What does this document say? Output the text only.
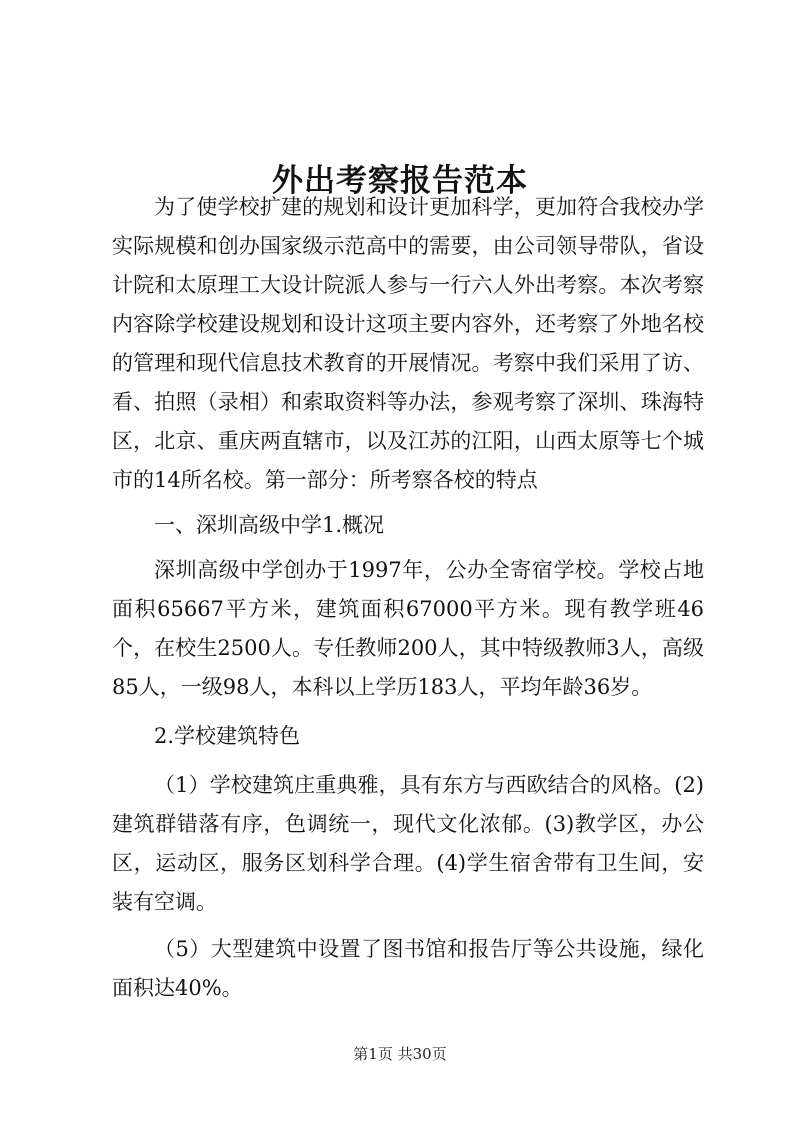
外出考察报告范本

为了使学校扩建的规划和设计更加科学，更加符合我校办学实际规模和创办国家级示范高中的需要，由公司领导带队，省设计院和太原理工大设计院派人参与一行六人外出考察。本次考察内容除学校建设规划和设计这项主要内容外，还考察了外地名校的管理和现代信息技术教育的开展情况。考察中我们采用了访、看、拍照（录相）和索取资料等办法，参观考察了深圳、珠海特区，北京、重庆两直辖市，以及江苏的江阳，山西太原等七个城市的14所名校。第一部分：所考察各校的特点

一、深圳高级中学1.概况

深圳高级中学创办于1997年，公办全寄宿学校。学校占地面积65667平方米，建筑面积67000平方米。现有教学班46个，在校生2500人。专任教师200人，其中特级教师3人，高级85人，一级98人，本科以上学历183人，平均年龄36岁。

2.学校建筑特色

（1）学校建筑庄重典雅，具有东方与西欧结合的风格。(2)建筑群错落有序，色调统一，现代文化浓郁。(3)教学区，办公区，运动区，服务区划科学合理。(4)学生宿舍带有卫生间，安装有空调。

（5）大型建筑中设置了图书馆和报告厅等公共设施，绿化面积达40%。

第1页 共30页
